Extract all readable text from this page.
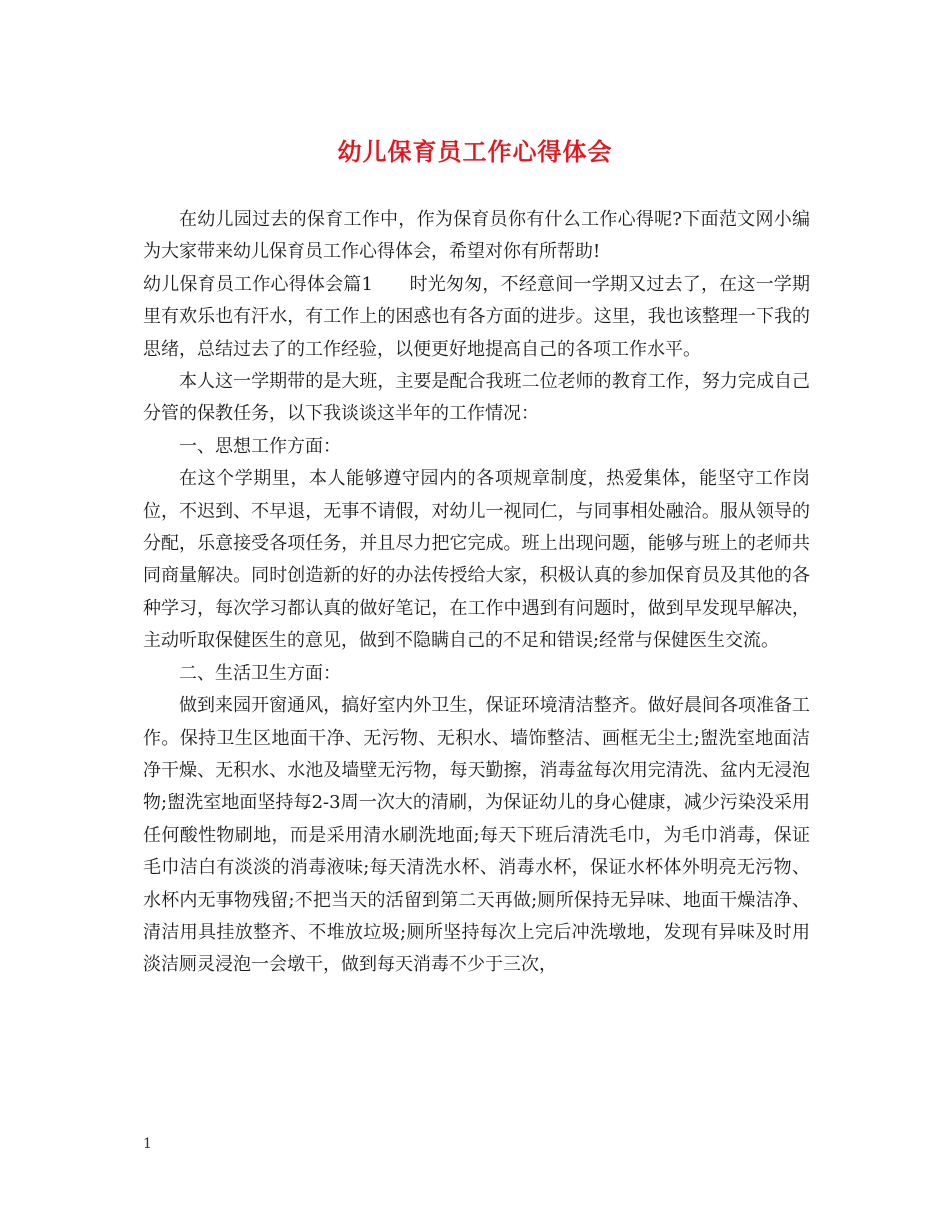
幼儿保育员工作心得体会

在幼儿园过去的保育工作中，作为保育员你有什么工作心得呢?下面范文网小编为大家带来幼儿保育员工作心得体会，希望对你有所帮助!

幼儿保育员工作心得体会篇1　　时光匆匆，不经意间一学期又过去了，在这一学期里有欢乐也有汗水，有工作上的困惑也有各方面的进步。这里，我也该整理一下我的思绪，总结过去了的工作经验，以便更好地提高自己的各项工作水平。

本人这一学期带的是大班，主要是配合我班二位老师的教育工作，努力完成自己分管的保教任务，以下我谈谈这半年的工作情况：

一、思想工作方面：

在这个学期里，本人能够遵守园内的各项规章制度，热爱集体，能坚守工作岗位，不迟到、不早退，无事不请假，对幼儿一视同仁，与同事相处融洽。服从领导的分配，乐意接受各项任务，并且尽力把它完成。班上出现问题，能够与班上的老师共同商量解决。同时创造新的好的办法传授给大家，积极认真的参加保育员及其他的各种学习，每次学习都认真的做好笔记，在工作中遇到有问题时，做到早发现早解决，主动听取保健医生的意见，做到不隐瞒自己的不足和错误;经常与保健医生交流。

二、生活卫生方面：

做到来园开窗通风，搞好室内外卫生，保证环境清洁整齐。做好晨间各项准备工作。保持卫生区地面干净、无污物、无积水、墙饰整洁、画框无尘土;盥洗室地面洁净干燥、无积水、水池及墙壁无污物，每天勤擦，消毒盆每次用完清洗、盆内无浸泡物;盥洗室地面坚持每2-3周一次大的清刷，为保证幼儿的身心健康，减少污染没采用任何酸性物刷地，而是采用清水刷洗地面;每天下班后清洗毛巾，为毛巾消毒，保证毛巾洁白有淡淡的消毒液味;每天清洗水杯、消毒水杯，保证水杯体外明亮无污物、水杯内无事物残留;不把当天的活留到第二天再做;厕所保持无异味、地面干燥洁净、清洁用具挂放整齐、不堆放垃圾;厕所坚持每次上完后冲洗墩地，发现有异味及时用淡洁厕灵浸泡一会墩干，做到每天消毒不少于三次，

1
